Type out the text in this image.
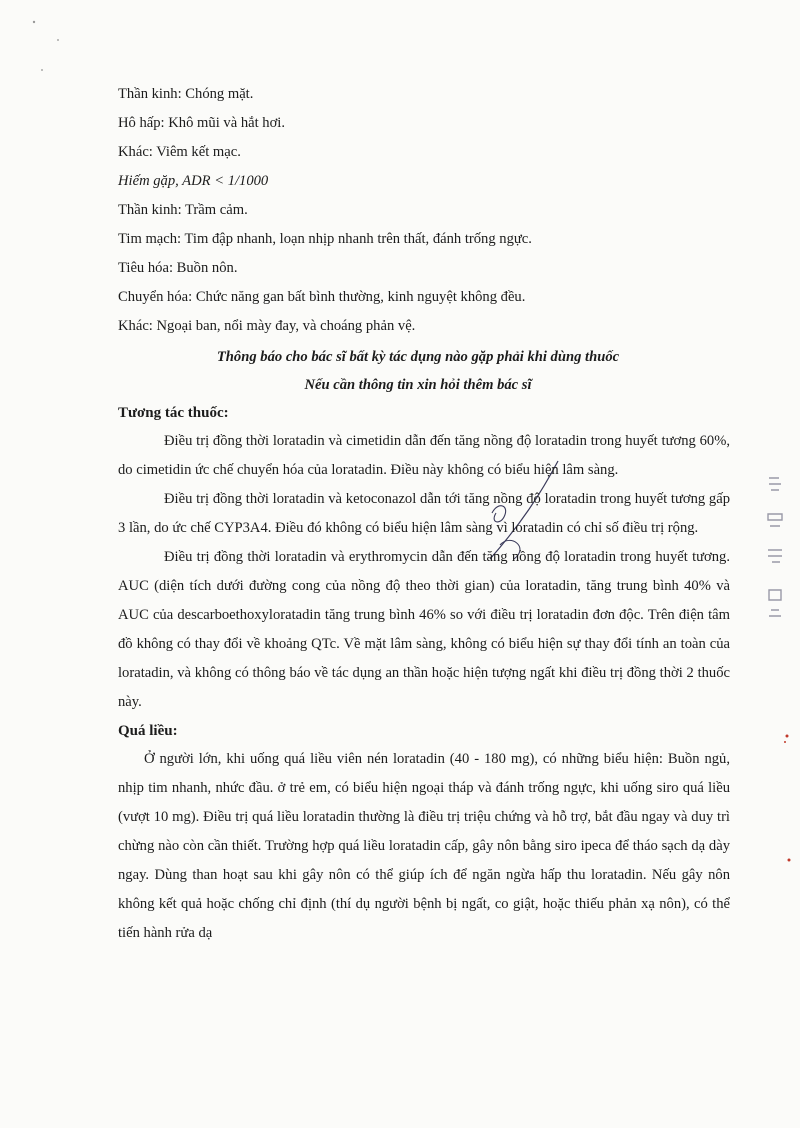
Thần kinh: Chóng mặt.

Hô hấp: Khô mũi và hắt hơi.

Khác: Viêm kết mạc.

Hiếm gặp, ADR < 1/1000

Thần kinh: Trầm cảm.

Tim mạch: Tim đập nhanh, loạn nhịp nhanh trên thất, đánh trống ngực.

Tiêu hóa: Buồn nôn.

Chuyển hóa: Chức năng gan bất bình thường, kinh nguyệt không đều.

Khác: Ngoại ban, nổi mày đay, và choáng phản vệ.

Thông báo cho bác sĩ bất kỳ tác dụng nào gặp phải khi dùng thuốc

Nếu cần thông tin xin hỏi thêm bác sĩ

Tương tác thuốc:

Điều trị đồng thời loratadin và cimetidin dẫn đến tăng nồng độ loratadin trong huyết tương 60%, do cimetidin ức chế chuyển hóa của loratadin. Điều này không có biểu hiện lâm sàng.

Điều trị đồng thời loratadin và ketoconazol dẫn tới tăng nồng độ loratadin trong huyết tương gấp 3 lần, do ức chế CYP3A4. Điều đó không có biểu hiện lâm sàng vì loratadin có chỉ số điều trị rộng.

Điều trị đồng thời loratadin và erythromycin dẫn đến tăng nồng độ loratadin trong huyết tương. AUC (diện tích dưới đường cong của nồng độ theo thời gian) của loratadin, tăng trung bình 40% và AUC của descarboethoxyloratadin tăng trung bình 46% so với điều trị loratadin đơn độc. Trên điện tâm đồ không có thay đổi về khoảng QTc. Về mặt lâm sàng, không có biểu hiện sự thay đổi tính an toàn của loratadin, và không có thông báo về tác dụng an thần hoặc hiện tượng ngất khi điều trị đồng thời 2 thuốc này.

Quá liều:

Ở người lớn, khi uống quá liều viên nén loratadin (40 - 180 mg), có những biểu hiện: Buồn ngủ, nhịp tim nhanh, nhức đầu. ở trẻ em, có biểu hiện ngoại tháp và đánh trống ngực, khi uống siro quá liều (vượt 10 mg). Điều trị quá liều loratadin thường là điều trị triệu chứng và hỗ trợ, bắt đầu ngay và duy trì chừng nào còn cần thiết. Trường hợp quá liều loratadin cấp, gây nôn bằng siro ipeca để tháo sạch dạ dày ngay. Dùng than hoạt sau khi gây nôn có thể giúp ích để ngăn ngừa hấp thu loratadin. Nếu gây nôn không kết quả hoặc chống chỉ định (thí dụ người bệnh bị ngất, co giật, hoặc thiếu phản xạ nôn), có thể tiến hành rửa dạ
